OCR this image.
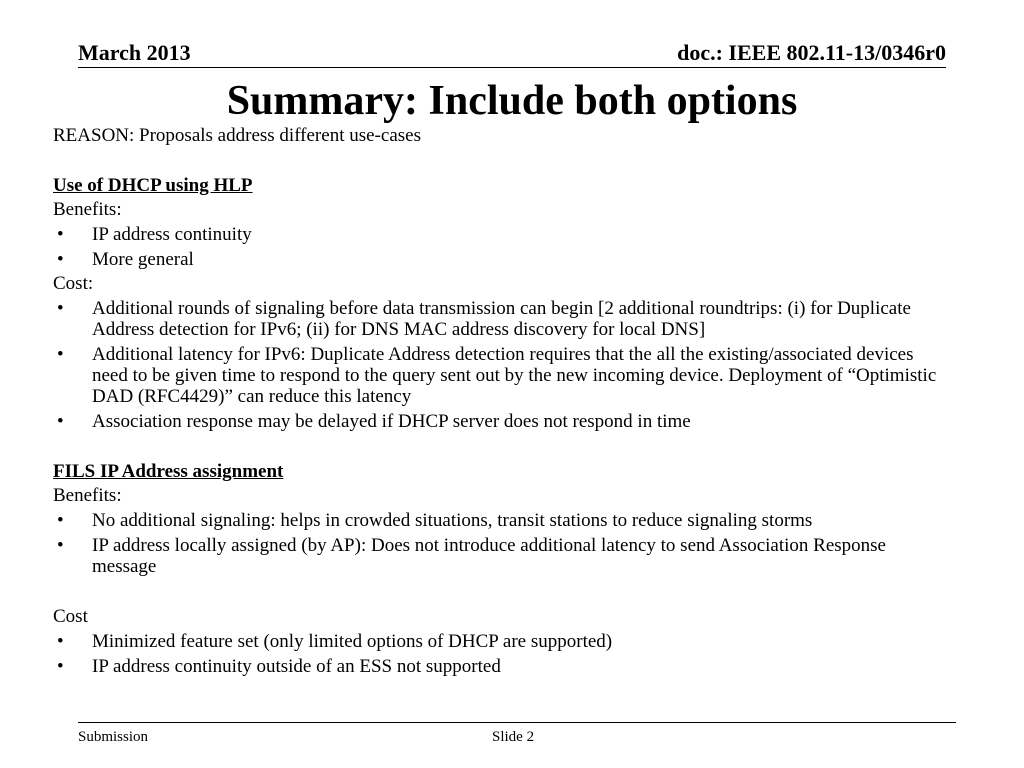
March 2013	doc.: IEEE 802.11-13/0346r0
Summary: Include both options

REASON: Proposals address different use-cases

Use of DHCP using HLP

Benefits:

• IP address continuity
• More general

Cost:

• Additional rounds of signaling before data transmission can begin [2 additional roundtrips: (i) for Duplicate Address detection for IPv6; (ii) for DNS MAC address discovery for local DNS]
• Additional latency for IPv6: Duplicate Address detection requires that the all the existing/associated devices need to be given time to respond to the query sent out by the new incoming device. Deployment of “Optimistic DAD (RFC4429)” can reduce this latency
• Association response may be delayed if DHCP server does not respond in time

FILS IP Address assignment

Benefits:

• No additional signaling: helps in crowded situations, transit stations to reduce signaling storms
• IP address locally assigned (by AP): Does not introduce additional latency to send Association Response message

Cost

• Minimized feature set (only limited options of DHCP are supported)
• IP address continuity outside of an ESS not supported
Submission	Slide 2
